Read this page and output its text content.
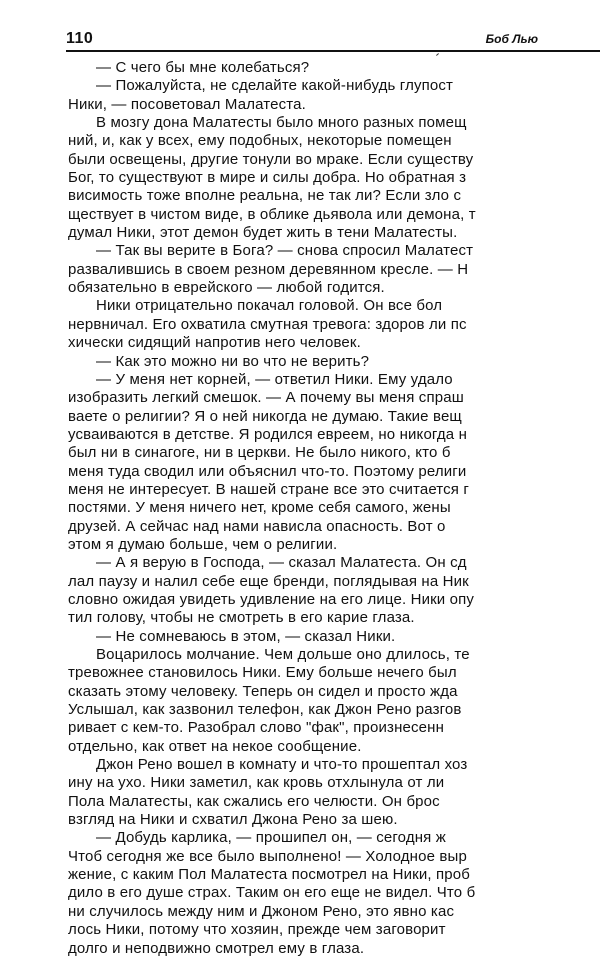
110	Боб Лью
— С чего бы мне колебаться?
— Пожалуйста, не сделайте какой-нибудь глупост
Ники, — посоветовал Малатеста.
В мозгу дона Малатесты было много разных помещ
ний, и, как у всех, ему подобных, некоторые помещен
были освещены, другие тонули во мраке. Если существу
Бог, то существуют в мире и силы добра. Но обратная з
висимость тоже вполне реальна, не так ли? Если зло с
ществует в чистом виде, в облике дьявола или демона, т
думал Ники, этот демон будет жить в тени Малатесты.
— Так вы верите в Бога? — снова спросил Малатест
развалившись в своем резном деревянном кресле. — Н
обязательно в еврейского — любой годится.
Ники отрицательно покачал головой. Он все бол
нервничал. Его охватила смутная тревога: здоров ли пс
хически сидящий напротив него человек.
— Как это можно ни во что не верить?
— У меня нет корней, — ответил Ники. Ему удало
изобразить легкий смешок. — А почему вы меня спраш
ваете о религии? Я о ней никогда не думаю. Такие вещ
усваиваются в детстве. Я родился евреем, но никогда н
был ни в синагоге, ни в церкви. Не было никого, кто б
меня туда сводил или объяснил что-то. Поэтому религи
меня не интересует. В нашей стране все это считается г
постями. У меня ничего нет, кроме себя самого, жены
друзей. А сейчас над нами нависла опасность. Вот о
этом я думаю больше, чем о религии.
— А я верую в Господа, — сказал Малатеста. Он сд
лал паузу и налил себе еще бренди, поглядывая на Ник
словно ожидая увидеть удивление на его лице. Ники опу
тил голову, чтобы не смотреть в его карие глаза.
— Не сомневаюсь в этом, — сказал Ники.
Воцарилось молчание. Чем дольше оно длилось, те
тревожнее становилось Ники. Ему больше нечего был
сказать этому человеку. Теперь он сидел и просто жда
Услышал, как зазвонил телефон, как Джон Рено разгов
ривает с кем-то. Разобрал слово "фак", произнесенн
отдельно, как ответ на некое сообщение.
Джон Рено вошел в комнату и что-то прошептал хоз
ину на ухо. Ники заметил, как кровь отхлынула от ли
Пола Малатесты, как сжались его челюсти. Он брос
взгляд на Ники и схватил Джона Рено за шею.
— Добудь карлика, — прошипел он, — сегодня ж
Чтоб сегодня же все было выполнено! — Холодное выр
жение, с каким Пол Малатеста посмотрел на Ники, проб
дило в его душе страх. Таким он его еще не видел. Что б
ни случилось между ним и Джоном Рено, это явно кас
лось Ники, потому что хозяин, прежде чем заговорит
долго и неподвижно смотрел ему в глаза.
